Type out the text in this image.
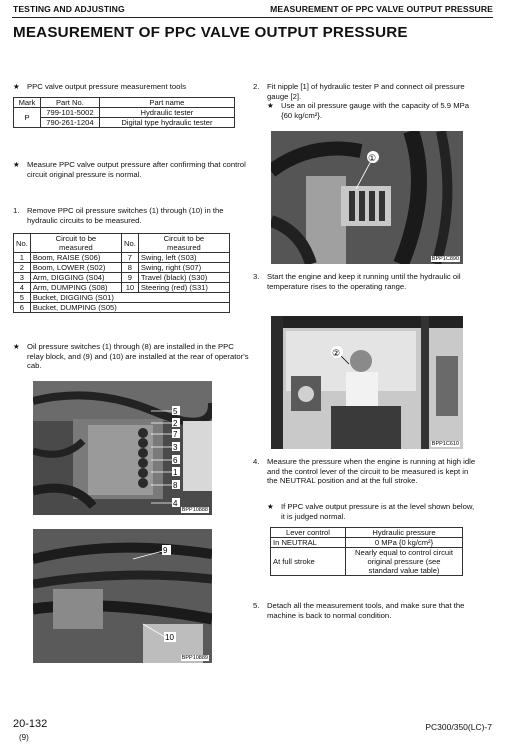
TESTING AND ADJUSTING	MEASUREMENT OF PPC VALVE OUTPUT PRESSURE
MEASUREMENT OF PPC VALVE OUTPUT PRESSURE
★ PPC valve output pressure measurement tools
Mark	Part No.	Part name
P	799-101-5002	Hydraulic tester
	790-261-1204	Digital type hydraulic tester
★ Measure PPC valve output pressure after confirming that control circuit original pressure is normal.
1. Remove PPC oil pressure switches (1) through (10) in the hydraulic circuits to be measured.
No.	Circuit to be measured	No.	Circuit to be measured
1	Boom, RAISE (S06)	7	Swing, left (S03)
2	Boom, LOWER (S02)	8	Swing, right (S07)
3	Arm, DIGGING (S04)	9	Travel (black) (S30)
4	Arm, DUMPING (S08)	10	Steering (red) (S31)
5	Bucket, DIGGING (S01)		
6	Bucket, DUMPING (S05)		
★ Oil pressure switches (1) through (8) are installed in the PPC relay block, and (9) and (10) are installed at the rear of operator's cab.
5
2
7
3
6
1
8
4
BPP10888
9
10
BPP10889
2. Fit nipple [1] of hydraulic tester P and connect oil pressure gauge [2].
★ Use an oil pressure gauge with the capacity of 5.9 MPa {60 kg/cm²}.
①
BPP1C890
3. Start the engine and keep it running until the hydraulic oil temperature rises to the operating range.
②
BPP1C610
4. Measure the pressure when the engine is running at high idle and the control lever of the circuit to be measured is kept in the NEUTRAL position and at the full stroke.
★ If PPC valve output pressure is at the level shown below, it is judged normal.
Lever control	Hydraulic pressure
In NEUTRAL	0 MPa {0 kg/cm²}
At full stroke	Nearly equal to control circuit original pressure (see standard value table)
5. Detach all the measurement tools, and make sure that the machine is back to normal condition.
20-132
(9)
PC300/350(LC)-7
